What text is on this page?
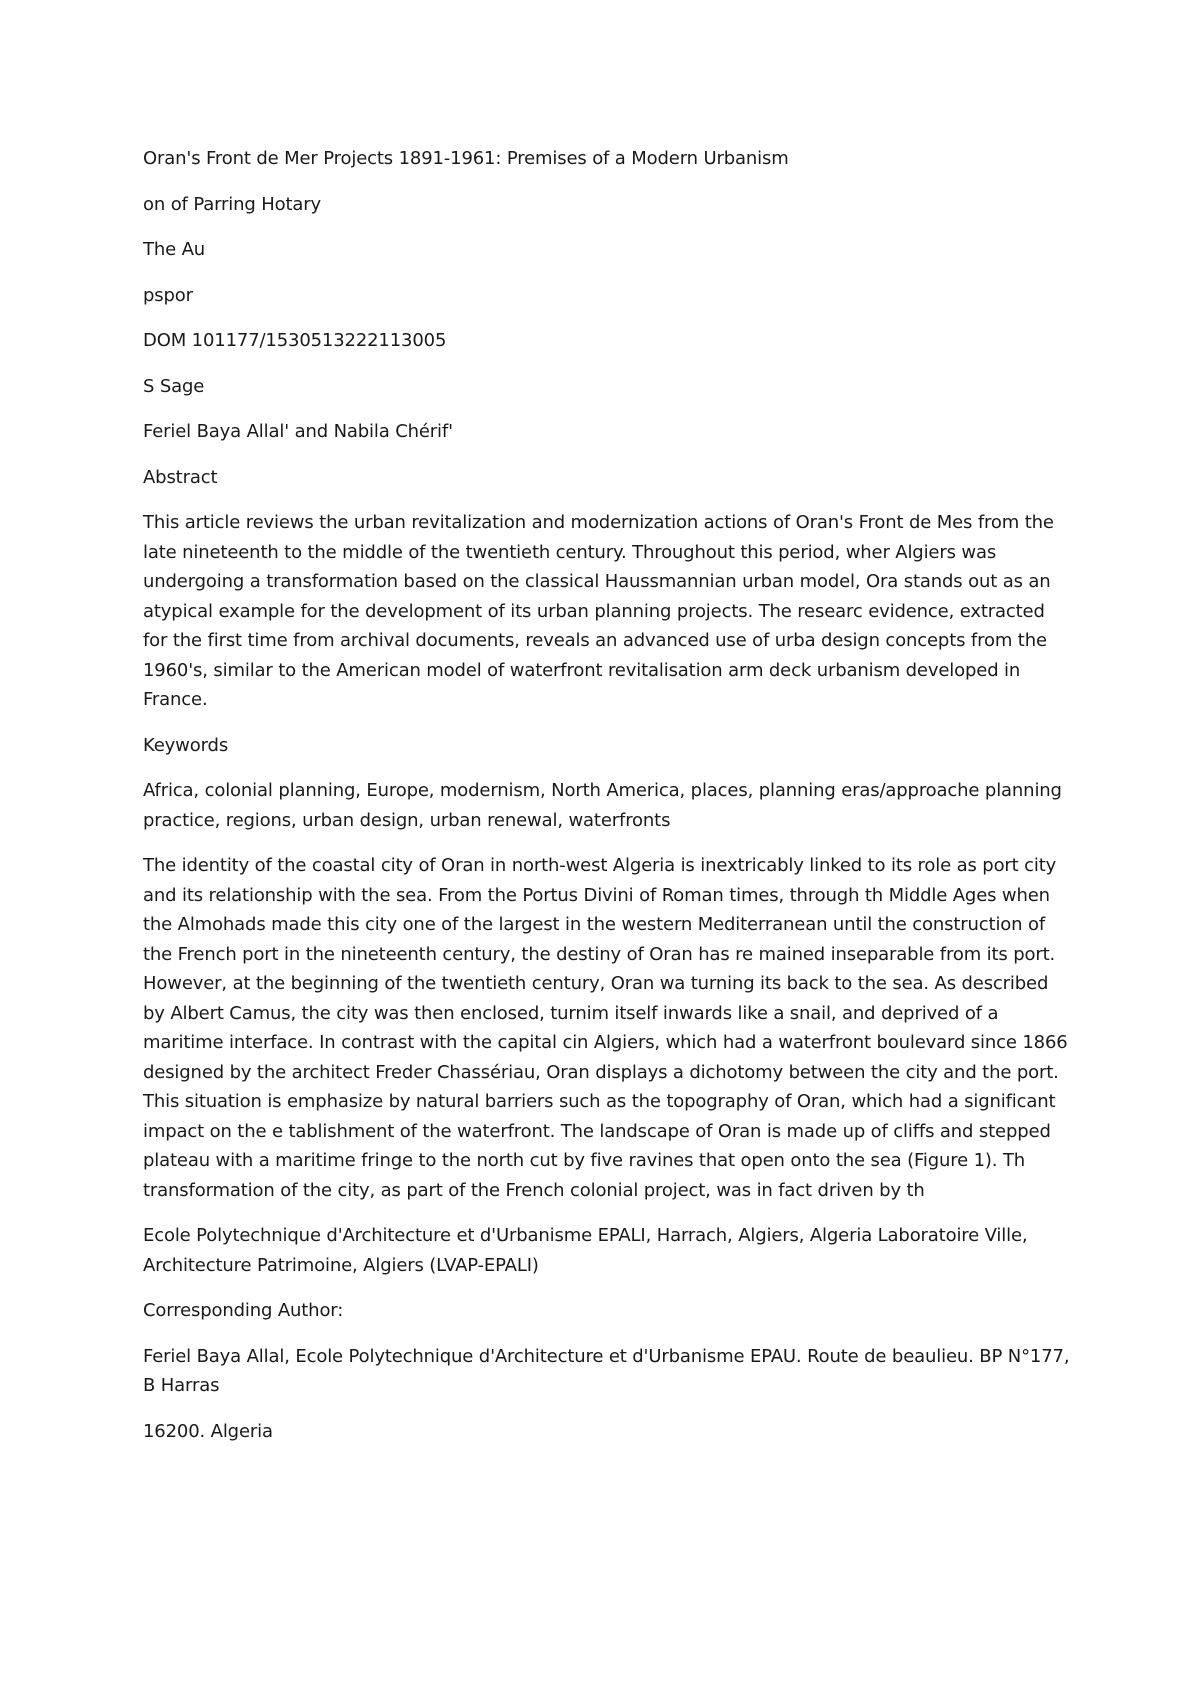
Oran's Front de Mer Projects 1891-1961: Premises of a Modern Urbanism

on of Parring Hotary

The Au

pspor

DOM 101177/1530513222113005

S Sage

Feriel Baya Allal' and Nabila Chérif'

Abstract

This article reviews the urban revitalization and modernization actions of Oran's Front de Mes from the late nineteenth to the middle of the twentieth century. Throughout this period, wher Algiers was undergoing a transformation based on the classical Haussmannian urban model, Ora stands out as an atypical example for the development of its urban planning projects. The researc evidence, extracted for the first time from archival documents, reveals an advanced use of urba design concepts from the 1960's, similar to the American model of waterfront revitalisation arm deck urbanism developed in France.

Keywords

Africa, colonial planning, Europe, modernism, North America, places, planning eras/approache planning practice, regions, urban design, urban renewal, waterfronts

The identity of the coastal city of Oran in north-west Algeria is inextricably linked to its role as port city and its relationship with the sea. From the Portus Divini of Roman times, through th Middle Ages when the Almohads made this city one of the largest in the western Mediterranean until the construction of the French port in the nineteenth century, the destiny of Oran has re mained inseparable from its port. However, at the beginning of the twentieth century, Oran wa turning its back to the sea. As described by Albert Camus, the city was then enclosed, turnim itself inwards like a snail, and deprived of a maritime interface. In contrast with the capital cin Algiers, which had a waterfront boulevard since 1866 designed by the architect Freder Chassériau, Oran displays a dichotomy between the city and the port. This situation is emphasize by natural barriers such as the topography of Oran, which had a significant impact on the e tablishment of the waterfront. The landscape of Oran is made up of cliffs and stepped plateau with a maritime fringe to the north cut by five ravines that open onto the sea (Figure 1). Th transformation of the city, as part of the French colonial project, was in fact driven by th

Ecole Polytechnique d'Architecture et d'Urbanisme EPALI, Harrach, Algiers, Algeria Laboratoire Ville, Architecture Patrimoine, Algiers (LVAP-EPALI)

Corresponding Author:

Feriel Baya Allal, Ecole Polytechnique d'Architecture et d'Urbanisme EPAU. Route de beaulieu. BP N°177, B Harras

16200. Algeria
